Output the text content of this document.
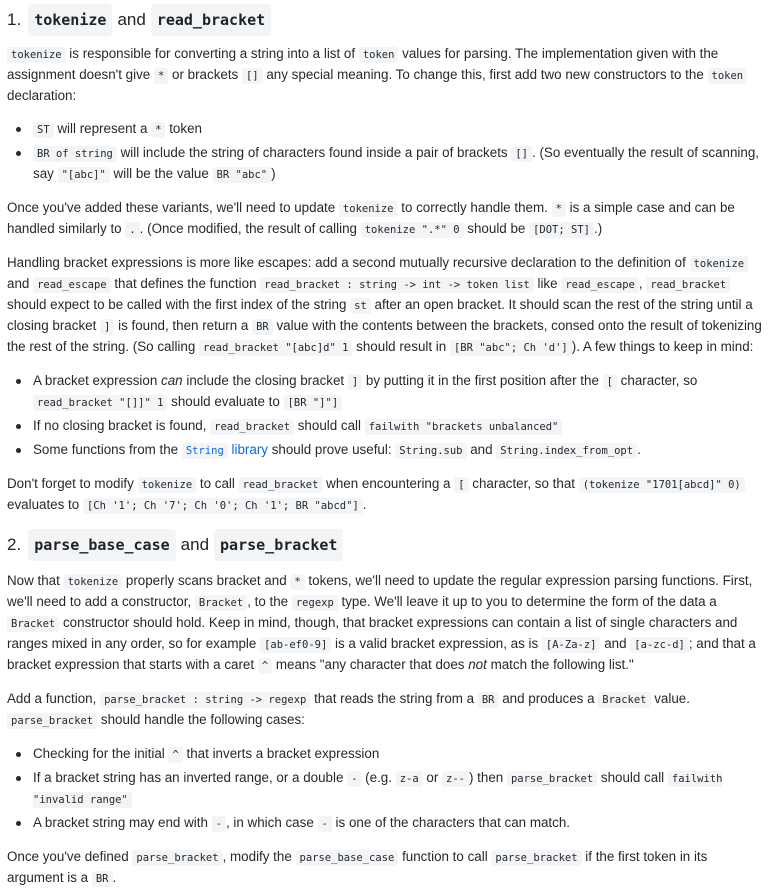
1. tokenize and read_bracket

tokenize is responsible for converting a string into a list of token values for parsing. The implementation given with the assignment doesn't give * or brackets [] any special meaning. To change this, first add two new constructors to the token declaration:

ST will represent a * token
BR of string will include the string of characters found inside a pair of brackets [] . (So eventually the result of scanning, say "[abc]" will be the value BR "abc" )

Once you've added these variants, we'll need to update tokenize to correctly handle them. * is a simple case and can be handled similarly to . . (Once modified, the result of calling tokenize ".*" 0 should be [DOT; ST] .)

Handling bracket expressions is more like escapes: add a second mutually recursive declaration to the definition of tokenize and read_escape that defines the function read_bracket : string -> int -> token list like read_escape , read_bracket should expect to be called with the first index of the string st after an open bracket. It should scan the rest of the string until a closing bracket ] is found, then return a BR value with the contents between the brackets, consed onto the result of tokenizing the rest of the string. (So calling read_bracket "[abc]d" 1 should result in [BR "abc"; Ch 'd'] ). A few things to keep in mind:

A bracket expression can include the closing bracket ] by putting it in the first position after the [ character, so read_bracket "[]]" 1 should evaluate to [BR "]"]
If no closing bracket is found, read_bracket should call failwith "brackets unbalanced"
Some functions from the String library should prove useful: String.sub and String.index_from_opt .

Don't forget to modify tokenize to call read_bracket when encountering a [ character, so that (tokenize "1701[abcd]" 0) evaluates to [Ch '1'; Ch '7'; Ch '0'; Ch '1'; BR "abcd"] .

2. parse_base_case and parse_bracket

Now that tokenize properly scans bracket and * tokens, we'll need to update the regular expression parsing functions. First, we'll need to add a constructor, Bracket , to the regexp type. We'll leave it up to you to determine the form of the data a Bracket constructor should hold. Keep in mind, though, that bracket expressions can contain a list of single characters and ranges mixed in any order, so for example [ab-ef0-9] is a valid bracket expression, as is [A-Za-z] and [a-zc-d] ; and that a bracket expression that starts with a caret ^ means "any character that does not match the following list."

Add a function, parse_bracket : string -> regexp that reads the string from a BR and produces a Bracket value. parse_bracket should handle the following cases:

Checking for the initial ^ that inverts a bracket expression
If a bracket string has an inverted range, or a double - (e.g. z-a or z-- ) then parse_bracket should call failwith "invalid range"
A bracket string may end with - , in which case - is one of the characters that can match.

Once you've defined parse_bracket , modify the parse_base_case function to call parse_bracket if the first token in its argument is a BR .
